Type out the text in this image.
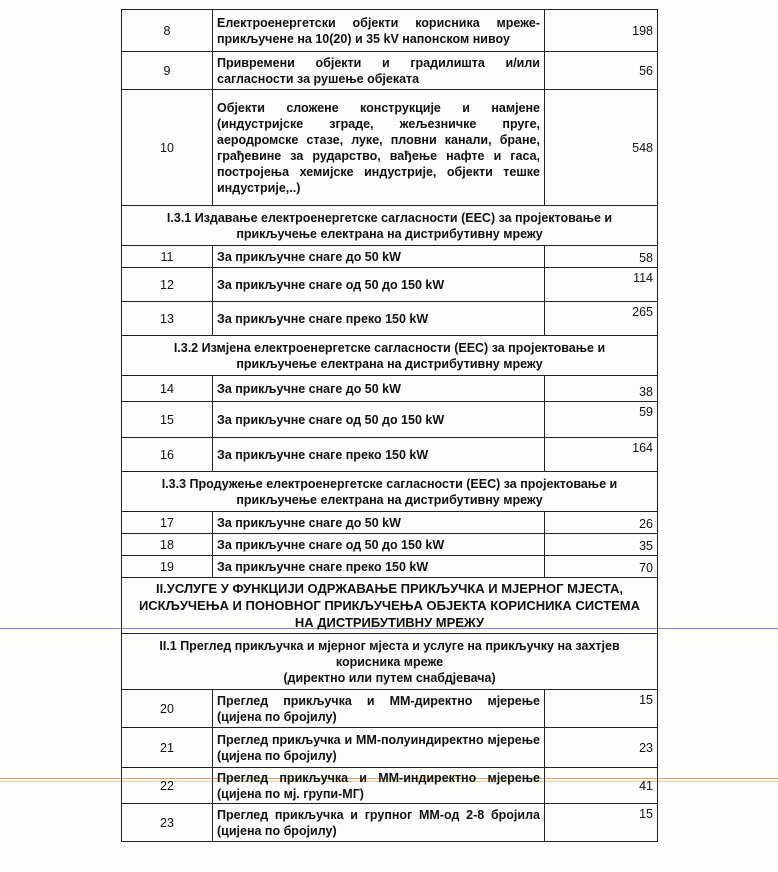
8	Електроенергетски објекти корисника мреже- прикључене на 10(20) и 35 kV напонском нивоу	198
9	Привремени објекти и градилишта и/или сагласности за рушење објеката	56
10	Објекти сложене конструкције и намјене (индустријске зграде, жељезничке пруге, аеродромске стазе, луке, пловни канали, бране, грађевине за рударство, вађење нафте и гаса, постројења хемијске индустрије, објекти тешке индустрије,..)	548
I.3.1 Издавање електроенергетске сагласности (ЕЕС) за пројектовање и прикључење електрана на дистрибутивну мрежу		
11	За прикључне снаге до 50 kW	58
12	За прикључне снаге од 50 до 150 kW	114
13	За прикључне снаге преко 150 kW	265
I.3.2 Измјена електроенергетске сагласности (ЕЕС) за пројектовање и прикључење електрана на дистрибутивну мрежу		
14	За прикључне снаге до 50 kW	38
15	За прикључне снаге од 50 до 150 kW	59
16	За прикључне снаге преко 150 kW	164
I.3.3 Продужење електроенергетске сагласности (ЕЕС) за пројектовање и прикључење електрана на дистрибутивну мрежу		
17	За прикључне снаге до 50 kW	26
18	За прикључне снаге од 50 до 150 kW	35
19	За прикључне снаге преко 150 kW	70
II.УСЛУГЕ У ФУНКЦИЈИ ОДРЖАВАЊЕ ПРИКЉУЧКА И МЈЕРНОГ МЈЕСТА, ИСКЉУЧЕЊА И ПОНОВНОГ ПРИКЉУЧЕЊА ОБЈЕКТА КОРИСНИКА СИСТЕМА НА ДИСТРИБУТИВНУ МРЕЖУ		
II.1 Преглед прикључка и мјерног мјеста и услуге на прикључку на захтјев корисника мреже
(директно или путем снабдјевача)		
20	Преглед прикључка и ММ-директно мјерење (цијена по бројилу)	15
21	Преглед прикључка и ММ-полуиндиректно мјерење (цијена по бројилу)	23
22	Преглед прикључка и ММ-индиректно мјерење (цијена по мј. групи-МГ)	41
23	Преглед прикључка и групног ММ-од 2-8 бројила (цијена по бројилу)	15
